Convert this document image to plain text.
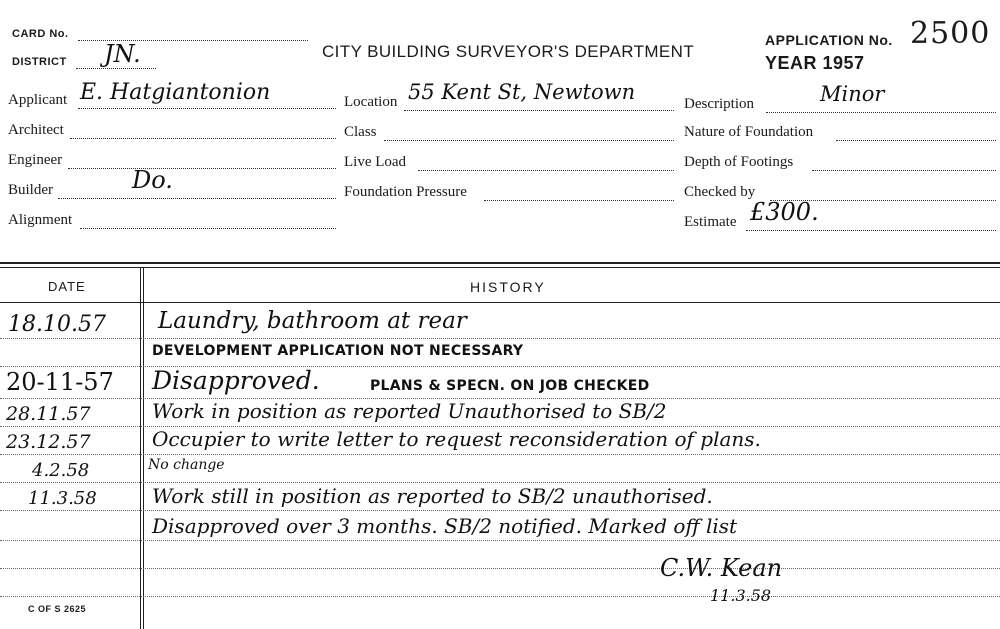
CARD No.
DISTRICT JN.	CITY BUILDING SURVEYOR'S DEPARTMENT
APPLICATION No. 2500
YEAR 1957
Applicant E. Hatgiantonion
Architect
Engineer
Builder	Do.
Alignment
Location 55 Kent St, Newtown
Class
Live Load
Foundation Pressure
Description	Minor
Nature of Foundation
Depth of Footings
Checked by
Estimate £300.
DATE	HISTORY
18.10.57 Laundry, bathroom at rear
DEVELOPMENT APPLICATION NOT NECESSARY
20-11-57 Disapproved.	PLANS & SPECN. ON JOB CHECKED
28.11.57	Work in position as reported Unauthorised to SB/2
23.12.57	Occupier to write letter to request reconsideration of plans.
4.2.58	No change
11.3.58	Work still in position as reported to SB/2 unauthorised.
Disapproved over 3 months. SB/2 notified. Marked off list
C.W. Kean
11.3.58
C OF S 2625
